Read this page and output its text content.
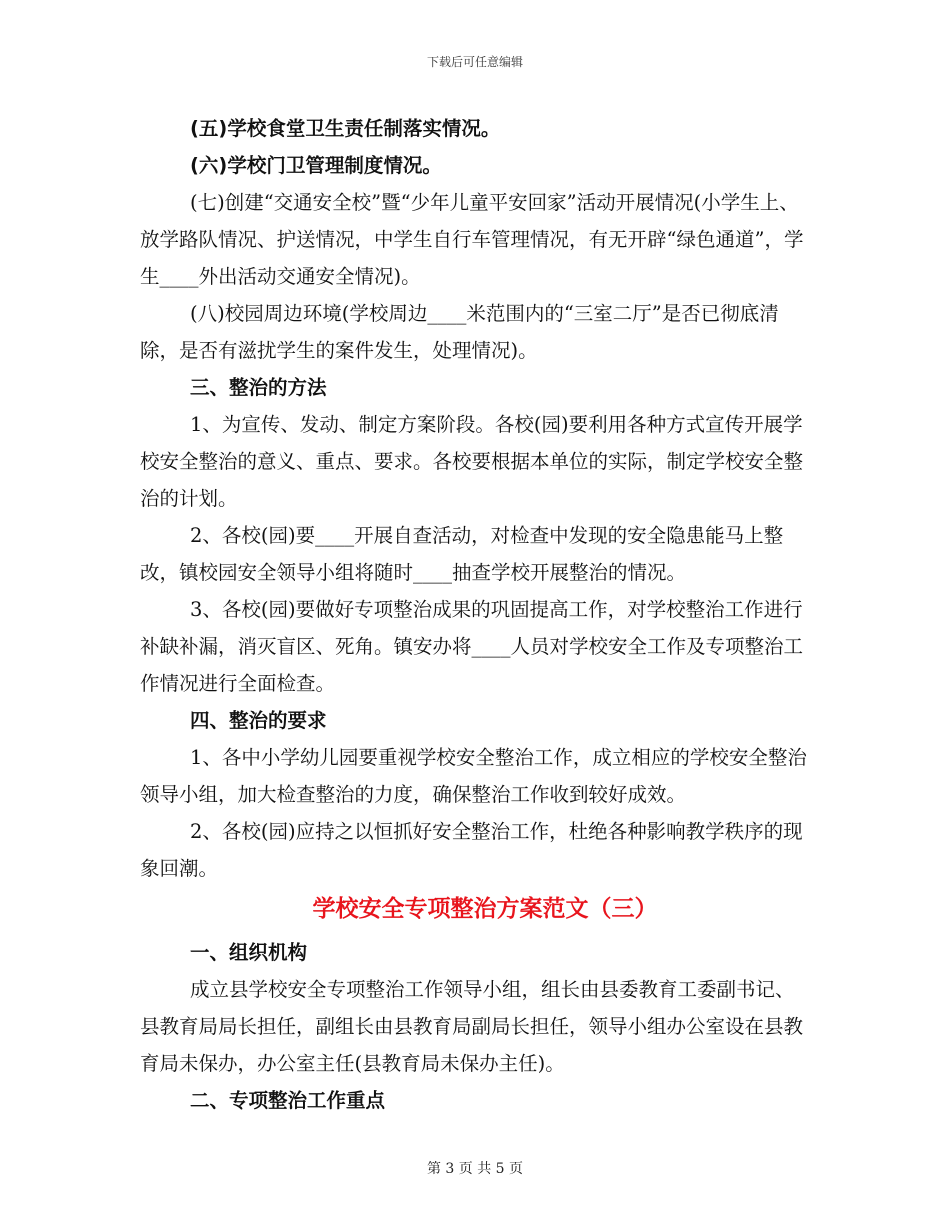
下载后可任意编辑

(五)学校食堂卫生责任制落实情况。

(六)学校门卫管理制度情况。

(七)创建“交通安全校”暨“少年儿童平安回家”活动开展情况(小学生上、放学路队情况、护送情况，中学生自行车管理情况，有无开辟“绿色通道”，学生____外出活动交通安全情况)。

(八)校园周边环境(学校周边____米范围内的“三室二厅”是否已彻底清除，是否有滋扰学生的案件发生，处理情况)。

三、整治的方法

1、为宣传、发动、制定方案阶段。各校(园)要利用各种方式宣传开展学校安全整治的意义、重点、要求。各校要根据本单位的实际，制定学校安全整治的计划。

2、各校(园)要____开展自查活动，对检查中发现的安全隐患能马上整改，镇校园安全领导小组将随时____抽查学校开展整治的情况。

3、各校(园)要做好专项整治成果的巩固提高工作，对学校整治工作进行补缺补漏，消灭盲区、死角。镇安办将____人员对学校安全工作及专项整治工作情况进行全面检查。

四、整治的要求

1、各中小学幼儿园要重视学校安全整治工作，成立相应的学校安全整治领导小组，加大检查整治的力度，确保整治工作收到较好成效。

2、各校(园)应持之以恒抓好安全整治工作，杜绝各种影响教学秩序的现象回潮。

学校安全专项整治方案范文（三）

一、组织机构

成立县学校安全专项整治工作领导小组，组长由县委教育工委副书记、县教育局局长担任，副组长由县教育局副局长担任，领导小组办公室设在县教育局未保办，办公室主任(县教育局未保办主任)。

二、专项整治工作重点

第 3 页 共 5 页
